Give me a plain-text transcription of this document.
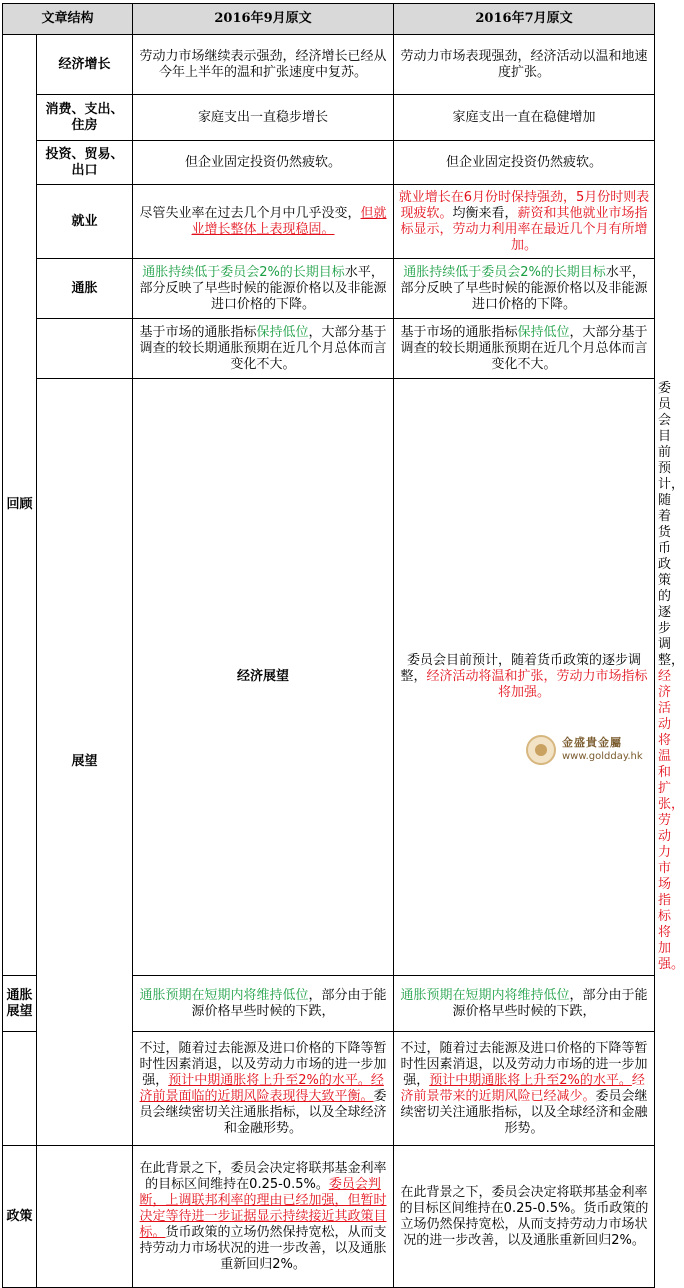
文章结构		2016年9月原文	2016年7月原文	
回顾	经济增长	劳动力市场继续表示强劲，经济增长已经从今年上半年的温和扩张速度中复苏。	劳动力市场表现强劲，经济活动以温和地速度扩张。	
	消费、支出、住房	家庭支出一直稳步增长	家庭支出一直在稳健增加	
	投资、贸易、出口	但企业固定投资仍然疲软。	但企业固定投资仍然疲软。	
	就业	尽管失业率在过去几个月中几乎没变，但就业增长整体上表现稳固。	就业增长在6月份时保持强劲，5月份时则表现疲软。均衡来看，薪资和其他就业市场指标显示，劳动力利用率在最近几个月有所增加。	
	通胀	通胀持续低于委员会2%的长期目标水平，部分反映了早些时候的能源价格以及非能源进口价格的下降。	通胀持续低于委员会2%的长期目标水平，部分反映了早些时候的能源价格以及非能源进口价格的下降。	
		基于市场的通胀指标保持低位，大部分基于调查的较长期通胀预期在近几个月总体而言变化不大。	基于市场的通胀指标保持低位，大部分基于调查的较长期通胀预期在近几个月总体而言变化不大。	
	展望	经济展望	委员会目前预计，随着货币政策的逐步调整，经济活动将温和扩张，劳动力市场指标将加强。	委员会目前预计，随着货币政策的逐步调整，经济活动将温和扩张，劳动力市场指标将加强。
通胀展望		通胀预期在短期内将维持低位，部分由于能源价格早些时候的下跌，	通胀预期在短期内将维持低位，部分由于能源价格早些时候的下跌，	
		不过，随着过去能源及进口价格的下降等暂时性因素消退，以及劳动力市场的进一步加强，预计中期通胀将上升至2%的水平。经济前景面临的近期风险表现得大致平衡。委员会继续密切关注通胀指标，以及全球经济和金融形势。	不过，随着过去能源及进口价格的下降等暂时性因素消退，以及劳动力市场的进一步加强，预计中期通胀将上升至2%的水平。经济前景带来的近期风险已经减少。委员会继续密切关注通胀指标，以及全球经济和金融形势。	
政策		在此背景之下，委员会决定将联邦基金利率的目标区间维持在0.25-0.5%。委员会判断，上调联邦利率的理由已经加强，但暂时决定等待进一步证据显示持续接近其政策目标。货币政策的立场仍然保持宽松，从而支持劳动力市场状况的进一步改善，以及通胀重新回归2%。	在此背景之下，委员会决定将联邦基金利率的目标区间维持在0.25-0.5%。货币政策的立场仍然保持宽松，从而支持劳动力市场状况的进一步改善，以及通胀重新回归2%。	
金盛貴金屬
www.goldday.hk
